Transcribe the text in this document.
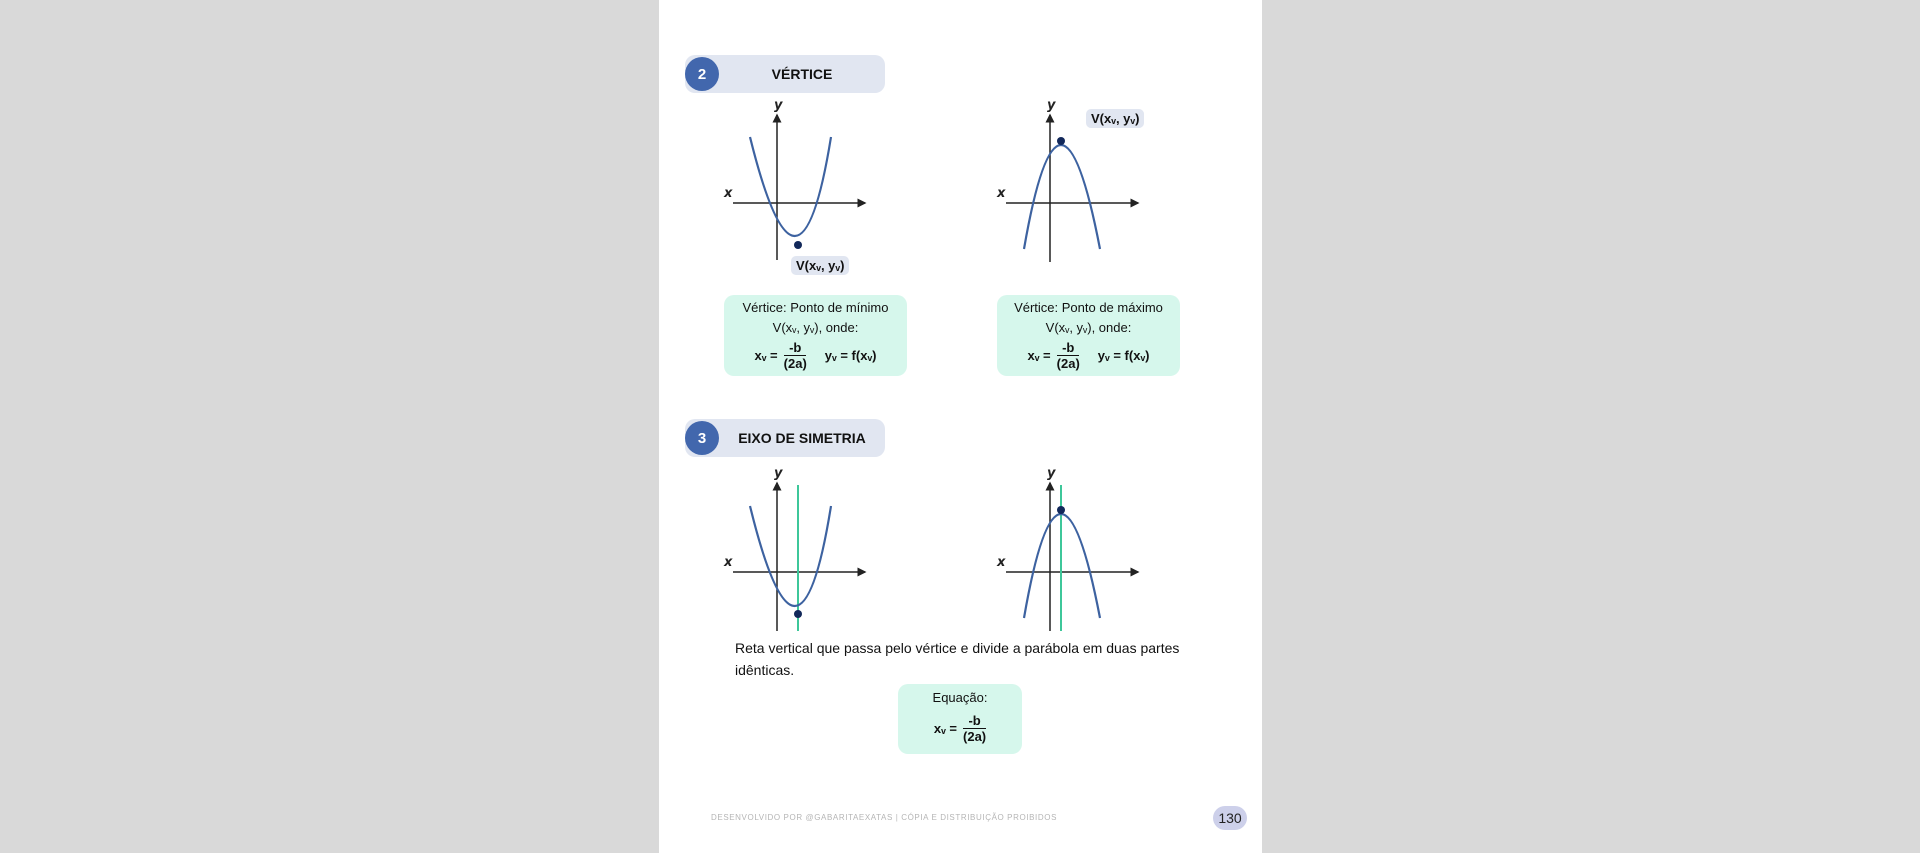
2	VÉRTICE
y
x
V(xᵥ, yᵥ)
y
x
V(xᵥ, yᵥ)
Vértice: Ponto de mínimo
V(xᵥ, yᵥ), onde:
xᵥ = $\frac{-b}{(2a)}$ yᵥ = f(xᵥ)
Vértice: Ponto de máximo
V(xᵥ, yᵥ), onde:
xᵥ = $\frac{-b}{(2a)}$ yᵥ = f(xᵥ)
3	EIXO DE SIMETRIA
y
x
y
x
Reta vertical que passa pelo vértice e divide a parábola em duas partes idênticas.
Equação:
xᵥ = $\frac{-b}{(2a)}$
DESENVOLVIDO POR @GABARITAEXATAS | CÓPIA E DISTRIBUIÇÃO PROIBIDOS	130
